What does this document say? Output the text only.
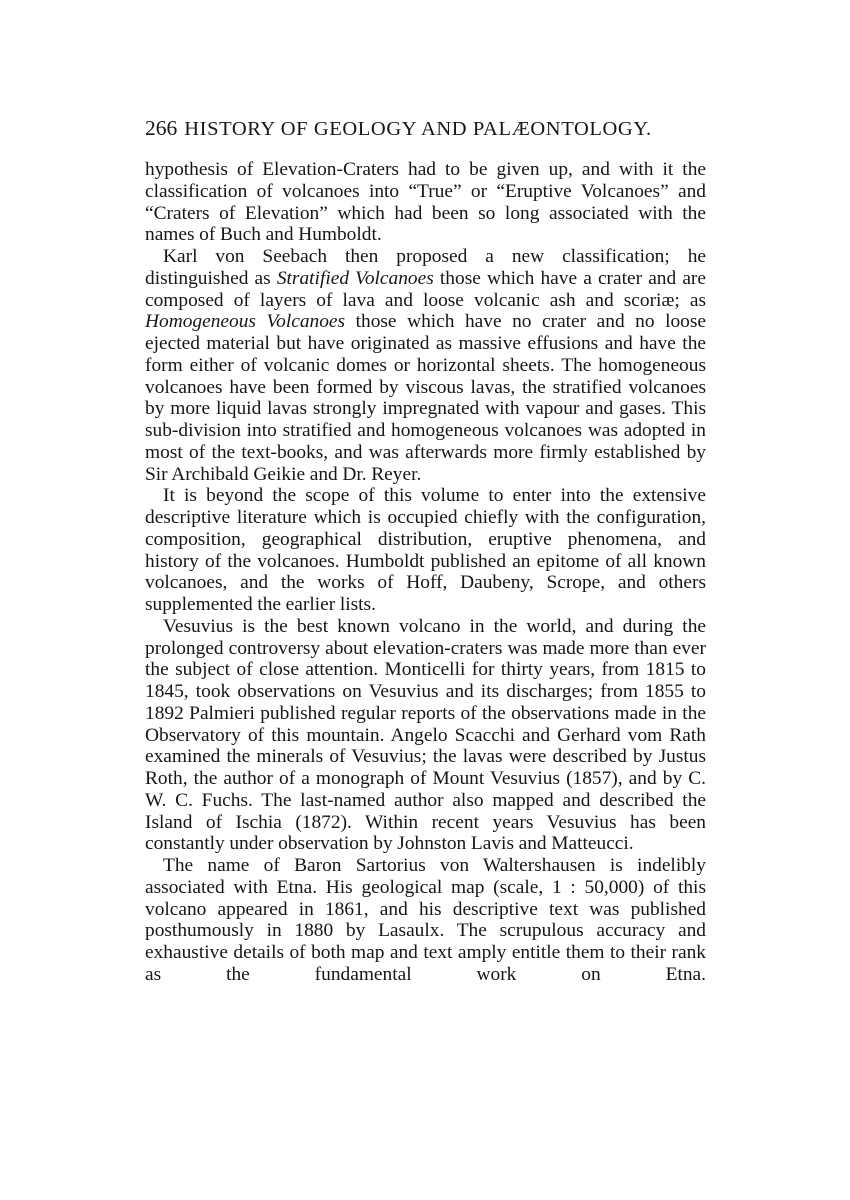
266 HISTORY OF GEOLOGY AND PALÆONTOLOGY.

hypothesis of Elevation-Craters had to be given up, and with it the classification of volcanoes into “True” or “Eruptive Volcanoes” and “Craters of Elevation” which had been so long associated with the names of Buch and Humboldt.

Karl von Seebach then proposed a new classification; he distinguished as Stratified Volcanoes those which have a crater and are composed of layers of lava and loose volcanic ash and scoriæ; as Homogeneous Volcanoes those which have no crater and no loose ejected material but have originated as massive effusions and have the form either of volcanic domes or horizontal sheets. The homogeneous volcanoes have been formed by viscous lavas, the stratified volcanoes by more liquid lavas strongly impregnated with vapour and gases. This sub-division into stratified and homogeneous volcanoes was adopted in most of the text-books, and was afterwards more firmly established by Sir Archibald Geikie and Dr. Reyer.

It is beyond the scope of this volume to enter into the extensive descriptive literature which is occupied chiefly with the configuration, composition, geographical distribution, eruptive phenomena, and history of the volcanoes. Humboldt published an epitome of all known volcanoes, and the works of Hoff, Daubeny, Scrope, and others supplemented the earlier lists.

Vesuvius is the best known volcano in the world, and during the prolonged controversy about elevation-craters was made more than ever the subject of close attention. Monticelli for thirty years, from 1815 to 1845, took observations on Vesuvius and its discharges; from 1855 to 1892 Palmieri published regular reports of the observations made in the Observatory of this mountain. Angelo Scacchi and Gerhard vom Rath examined the minerals of Vesuvius; the lavas were described by Justus Roth, the author of a monograph of Mount Vesuvius (1857), and by C. W. C. Fuchs. The last-named author also mapped and described the Island of Ischia (1872). Within recent years Vesuvius has been constantly under observation by Johnston Lavis and Matteucci.

The name of Baron Sartorius von Waltershausen is indelibly associated with Etna. His geological map (scale, 1 : 50,000) of this volcano appeared in 1861, and his descriptive text was published posthumously in 1880 by Lasaulx. The scrupulous accuracy and exhaustive details of both map and text amply entitle them to their rank as the fundamental work on Etna.
